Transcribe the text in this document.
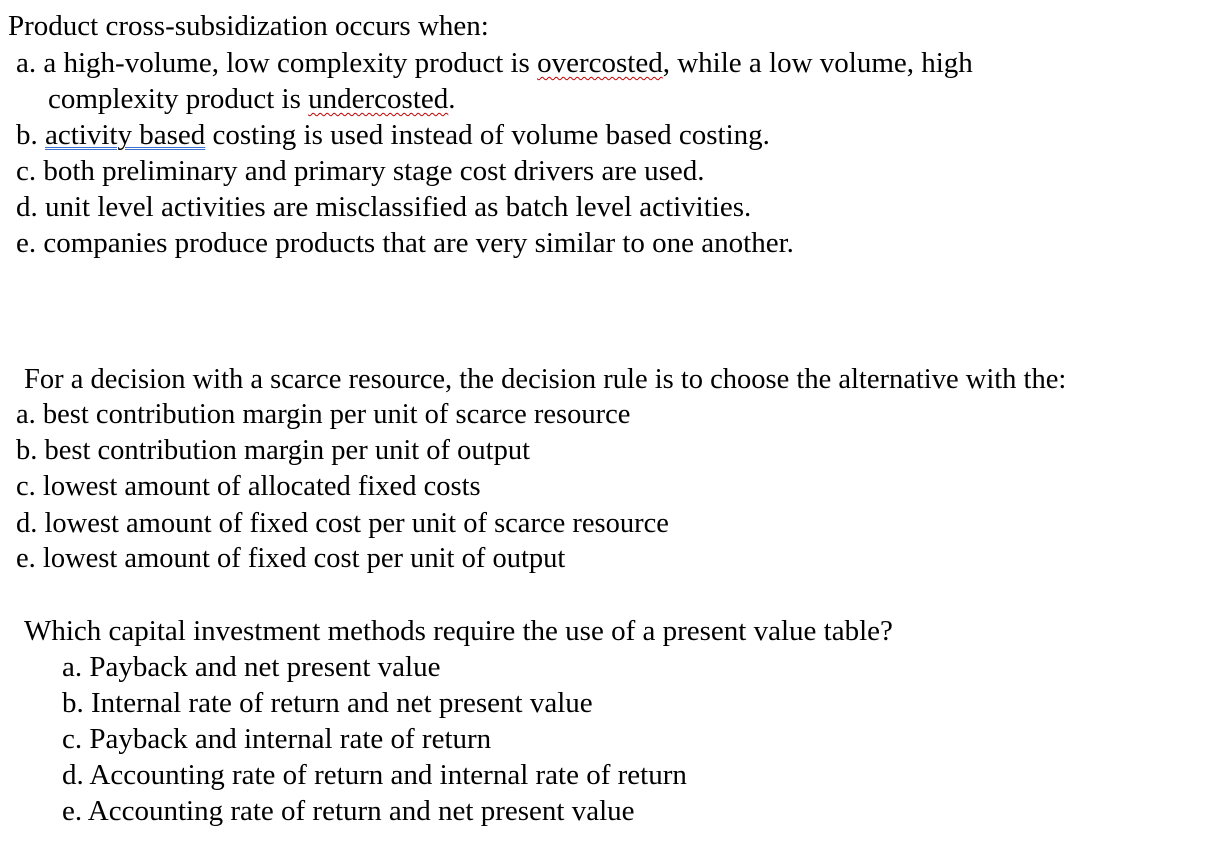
Product cross-subsidization occurs when:

a. a high-volume, low complexity product is overcosted, while a low volume, high

complexity product is undercosted.

b. activity based costing is used instead of volume based costing.

c. both preliminary and primary stage cost drivers are used.

d. unit level activities are misclassified as batch level activities.

e. companies produce products that are very similar to one another.

For a decision with a scarce resource, the decision rule is to choose the alternative with the:

a. best contribution margin per unit of scarce resource

b. best contribution margin per unit of output

c. lowest amount of allocated fixed costs

d. lowest amount of fixed cost per unit of scarce resource

e. lowest amount of fixed cost per unit of output

Which capital investment methods require the use of a present value table?

a. Payback and net present value

b. Internal rate of return and net present value

c. Payback and internal rate of return

d. Accounting rate of return and internal rate of return

e. Accounting rate of return and net present value
